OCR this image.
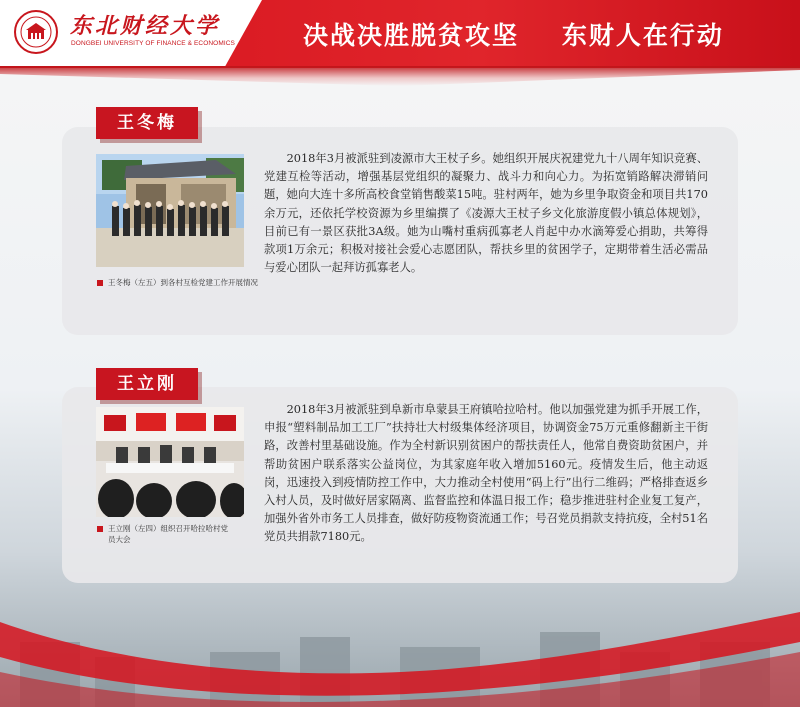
东北财经大学
DONGBEI UNIVERSITY OF FINANCE & ECONOMICS	决战决胜脱贫攻坚    东财人在行动
王冬梅
王冬梅（左五）到各村互检党建工作开展情况

2018年3月被派驻到凌源市大王杖子乡。她组织开展庆祝建党九十八周年知识竞赛、党建互检等活动，增强基层党组织的凝聚力、战斗力和向心力。为拓宽销路解决滞销问题，她向大连十多所高校食堂销售酸菜15吨。驻村两年，她为乡里争取资金和项目共170余万元，还依托学校资源为乡里编撰了《凌源大王杖子乡文化旅游度假小镇总体规划》，目前已有一景区获批3A级。她为山嘴村重病孤寡老人肖起中办水滴筹爱心捐助，共筹得款项1万余元；积极对接社会爱心志愿团队，帮扶乡里的贫困学子，定期带着生活必需品与爱心团队一起拜访孤寡老人。

王立刚
王立刚（左四）组织召开哈拉哈村党员大会

2018年3月被派驻到阜新市阜蒙县王府镇哈拉哈村。他以加强党建为抓手开展工作，申报“塑料制品加工工厂”扶持壮大村级集体经济项目，协调资金75万元重修翻新主干街路，改善村里基础设施。作为全村新识别贫困户的帮扶责任人，他常自费资助贫困户，并帮助贫困户联系落实公益岗位，为其家庭年收入增加5160元。疫情发生后，他主动返岗，迅速投入到疫情防控工作中，大力推动全村使用“码上行”出行二维码；严格排查返乡入村人员，及时做好居家隔离、监督监控和体温日报工作；稳步推进驻村企业复工复产，加强外省外市务工人员排查，做好防疫物资流通工作；号召党员捐款支持抗疫，全村51名党员共捐款7180元。
